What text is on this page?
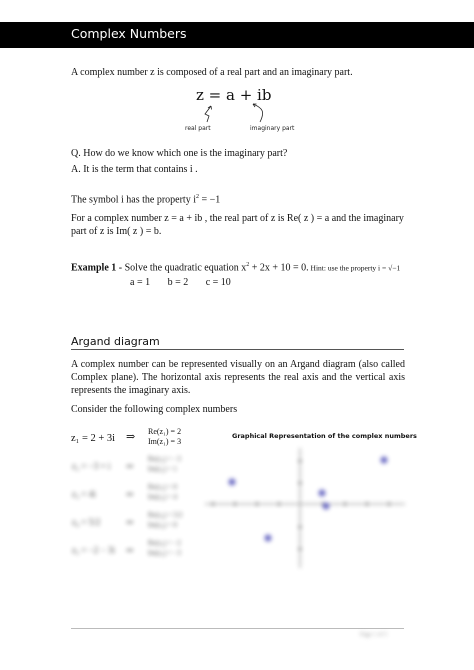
Complex Numbers
A complex number z is composed of a real part and an imaginary part.
z = a + ib
real part	imaginary part
Q. How do we know which one is the imaginary part?
A. It is the term that contains i .
The symbol i has the property $i^2 = -1$
For a complex number z = a + ib , the real part of z is Re( z ) = a and the imaginary part of z is Im( z ) = b.
Example 1 - Solve the quadratic equation $x^2 + 2x + 10 = 0$. Hint: use the property i = √−1
a = 1       b = 2       c = 10
Argand diagram
A complex number can be represented visually on an Argand diagram (also called Complex plane). The horizontal axis represents the real axis and the vertical axis represents the imaginary axis.
Consider the following complex numbers
z₁ = 2 + 3i ⇒ Re(z₁) = 2
Im(z₁) = 3
z₂ = −3 + i ⇒
Re(z₂) = −3
Im(z₂) = 1
z₃ = 4i	⇒
Re(z₃) = 0
Im(z₃) = 4
z₄ = 5/2	⇒
Re(z₄) = 5/2
Im(z₄) = 0
z₅ = −2 − 3i ⇒
Re(z₅) = −2
Im(z₅) = −3
Graphical Representation of the complex numbers
Page 1 of 5
